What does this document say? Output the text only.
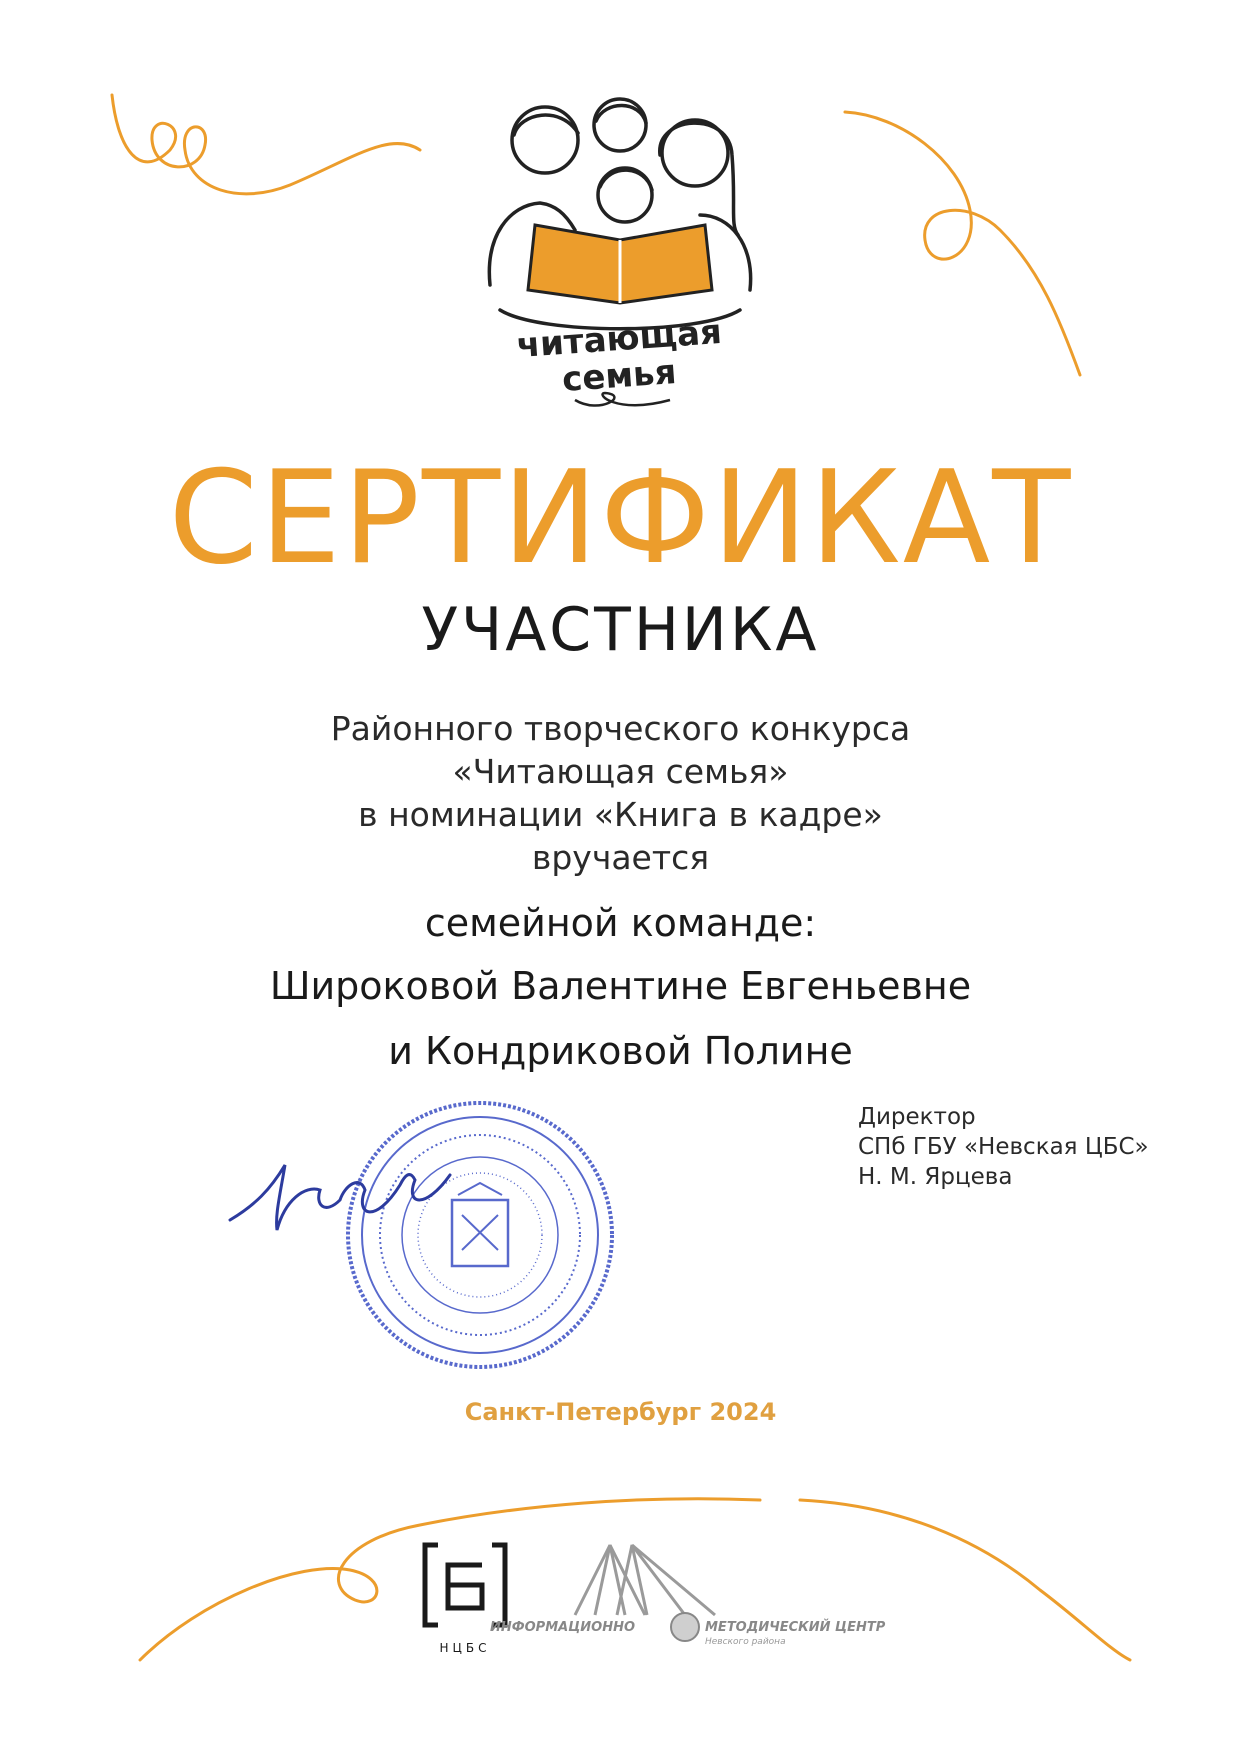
читающая
семья
СЕРТИФИКАТ
УЧАСТНИКА
Районного творческого конкурса
«Читающая семья»
в номинации «Книга в кадре»
вручается
семейной команде:
Широковой Валентине Евгеньевне
и Кондриковой Полине
Директор
СПб ГБУ «Невская ЦБС»
Н. М. Ярцева
Санкт-Петербург 2024
НЦБС
ИНФОРМАЦИОННО	МЕТОДИЧЕСКИЙ ЦЕНТР
Невского района
